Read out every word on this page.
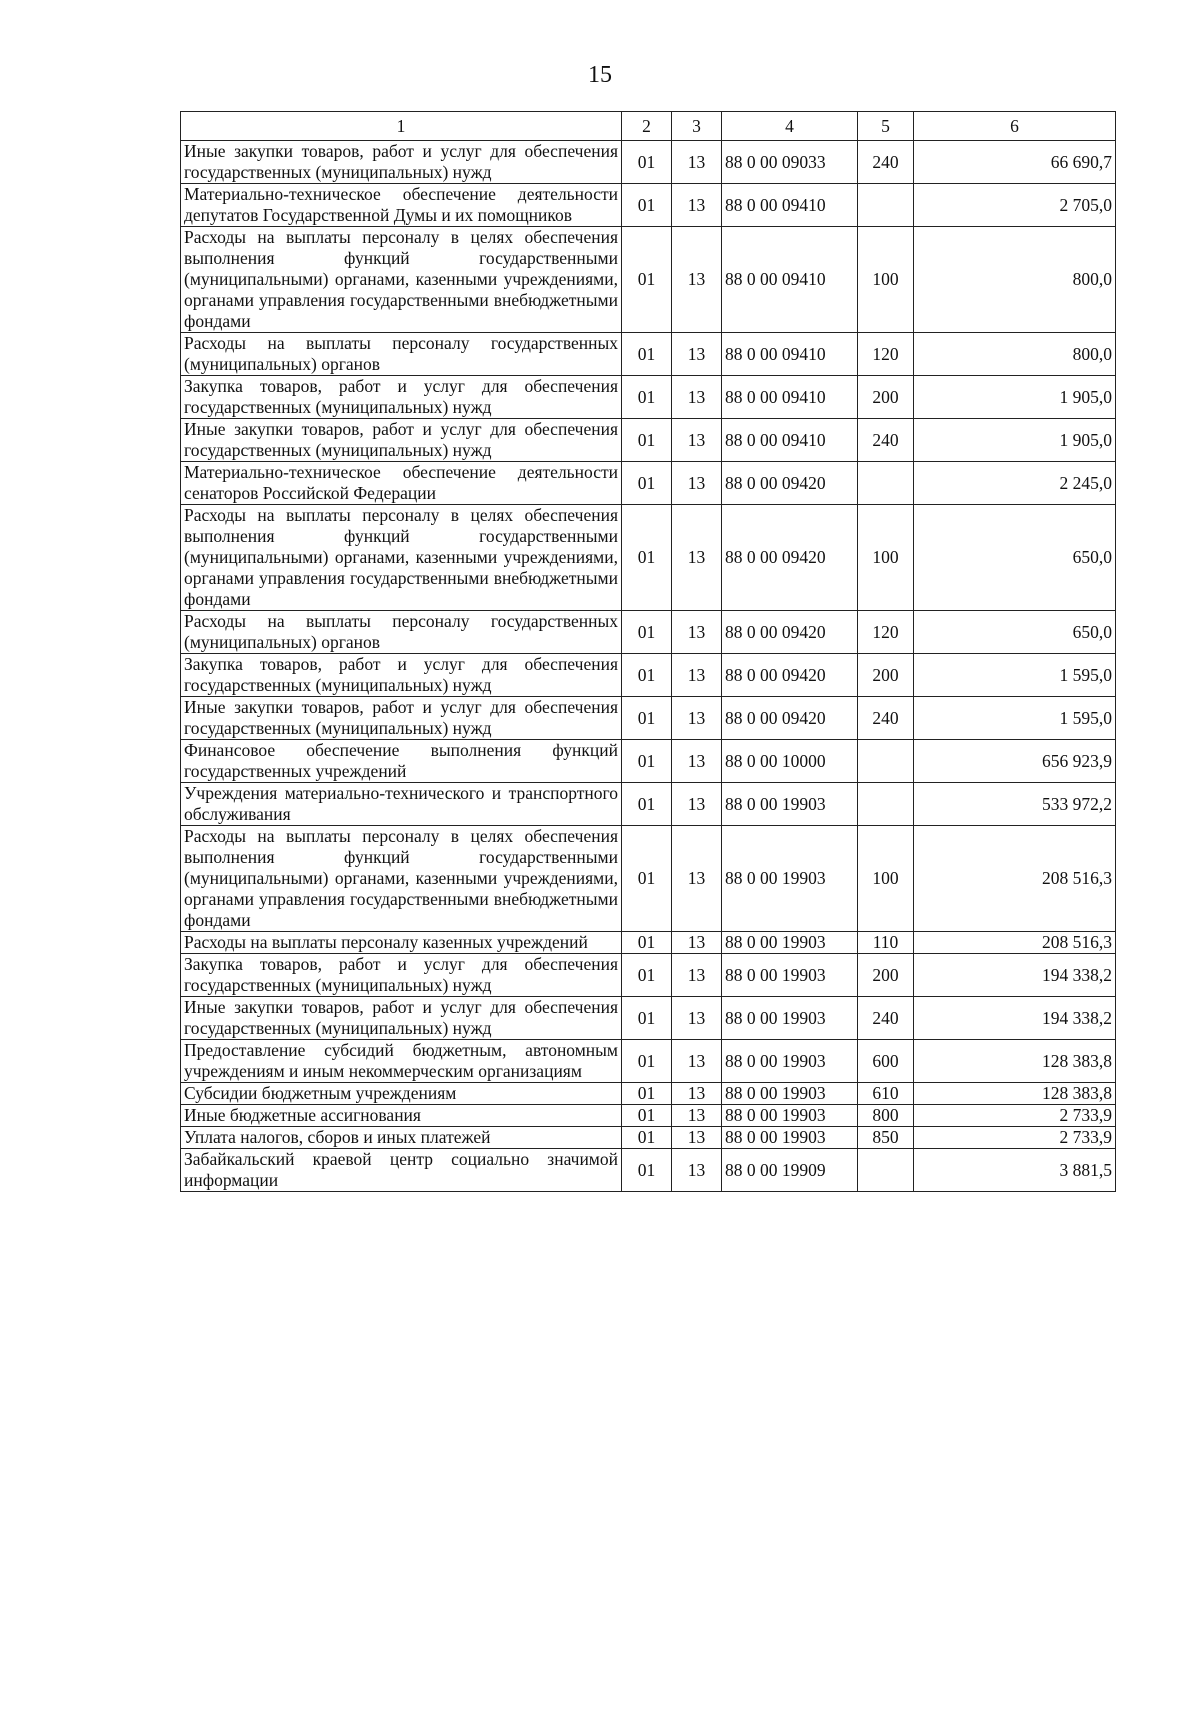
15
1	2	3	4	5	6
Иные закупки товаров, работ и услуг для обеспечения государственных (муниципальных) нужд	01	13	88 0 00 09033	240	66 690,7
Материально-техническое обеспечение деятельности депутатов Государственной Думы и их помощников	01	13	88 0 00 09410		2 705,0
Расходы на выплаты персоналу в целях обеспечения выполнения функций государственными (муниципальными) органами, казенными учреждениями, органами управления государственными внебюджетными фондами	01	13	88 0 00 09410	100	800,0
Расходы на выплаты персоналу государственных (муниципальных) органов	01	13	88 0 00 09410	120	800,0
Закупка товаров, работ и услуг для обеспечения государственных (муниципальных) нужд	01	13	88 0 00 09410	200	1 905,0
Иные закупки товаров, работ и услуг для обеспечения государственных (муниципальных) нужд	01	13	88 0 00 09410	240	1 905,0
Материально-техническое обеспечение деятельности сенаторов Российской Федерации	01	13	88 0 00 09420		2 245,0
Расходы на выплаты персоналу в целях обеспечения выполнения функций государственными (муниципальными) органами, казенными учреждениями, органами управления государственными внебюджетными фондами	01	13	88 0 00 09420	100	650,0
Расходы на выплаты персоналу государственных (муниципальных) органов	01	13	88 0 00 09420	120	650,0
Закупка товаров, работ и услуг для обеспечения государственных (муниципальных) нужд	01	13	88 0 00 09420	200	1 595,0
Иные закупки товаров, работ и услуг для обеспечения государственных (муниципальных) нужд	01	13	88 0 00 09420	240	1 595,0
Финансовое обеспечение выполнения функций государственных учреждений	01	13	88 0 00 10000		656 923,9
Учреждения материально-технического и транспортного обслуживания	01	13	88 0 00 19903		533 972,2
Расходы на выплаты персоналу в целях обеспечения выполнения функций государственными (муниципальными) органами, казенными учреждениями, органами управления государственными внебюджетными фондами	01	13	88 0 00 19903	100	208 516,3
Расходы на выплаты персоналу казенных учреждений	01	13	88 0 00 19903	110	208 516,3
Закупка товаров, работ и услуг для обеспечения государственных (муниципальных) нужд	01	13	88 0 00 19903	200	194 338,2
Иные закупки товаров, работ и услуг для обеспечения государственных (муниципальных) нужд	01	13	88 0 00 19903	240	194 338,2
Предоставление субсидий бюджетным, автономным учреждениям и иным некоммерческим организациям	01	13	88 0 00 19903	600	128 383,8
Субсидии бюджетным учреждениям	01	13	88 0 00 19903	610	128 383,8
Иные бюджетные ассигнования	01	13	88 0 00 19903	800	2 733,9
Уплата налогов, сборов и иных платежей	01	13	88 0 00 19903	850	2 733,9
Забайкальский краевой центр социально значимой информации	01	13	88 0 00 19909		3 881,5
